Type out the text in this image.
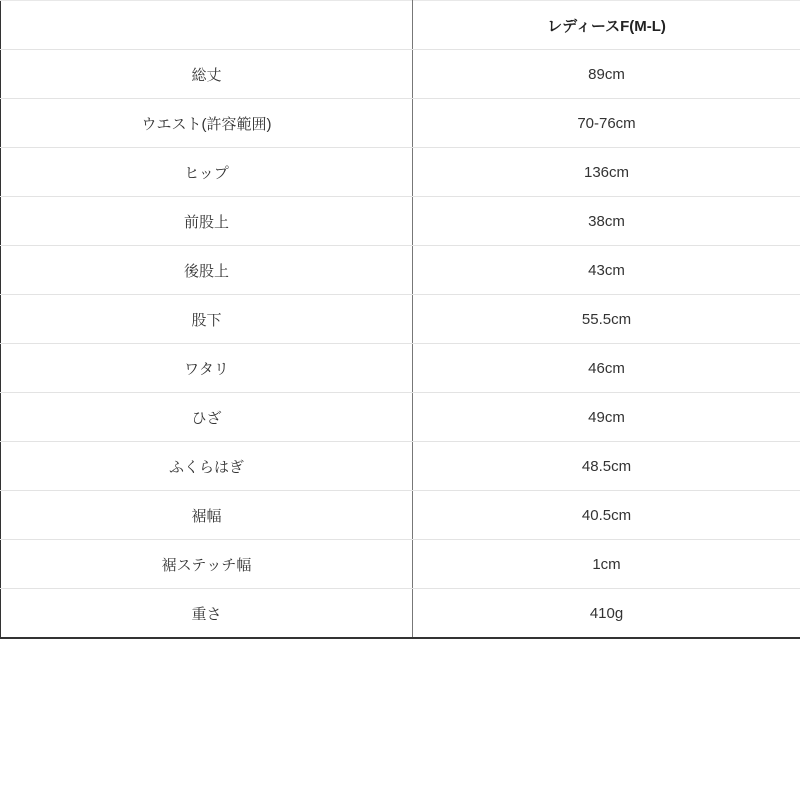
	レディースF(M-L)
総丈	89cm
ウエスト(許容範囲)	70-76cm
ヒップ	136cm
前股上	38cm
後股上	43cm
股下	55.5cm
ワタリ	46cm
ひざ	49cm
ふくらはぎ	48.5cm
裾幅	40.5cm
裾ステッチ幅	1cm
重さ	410g
